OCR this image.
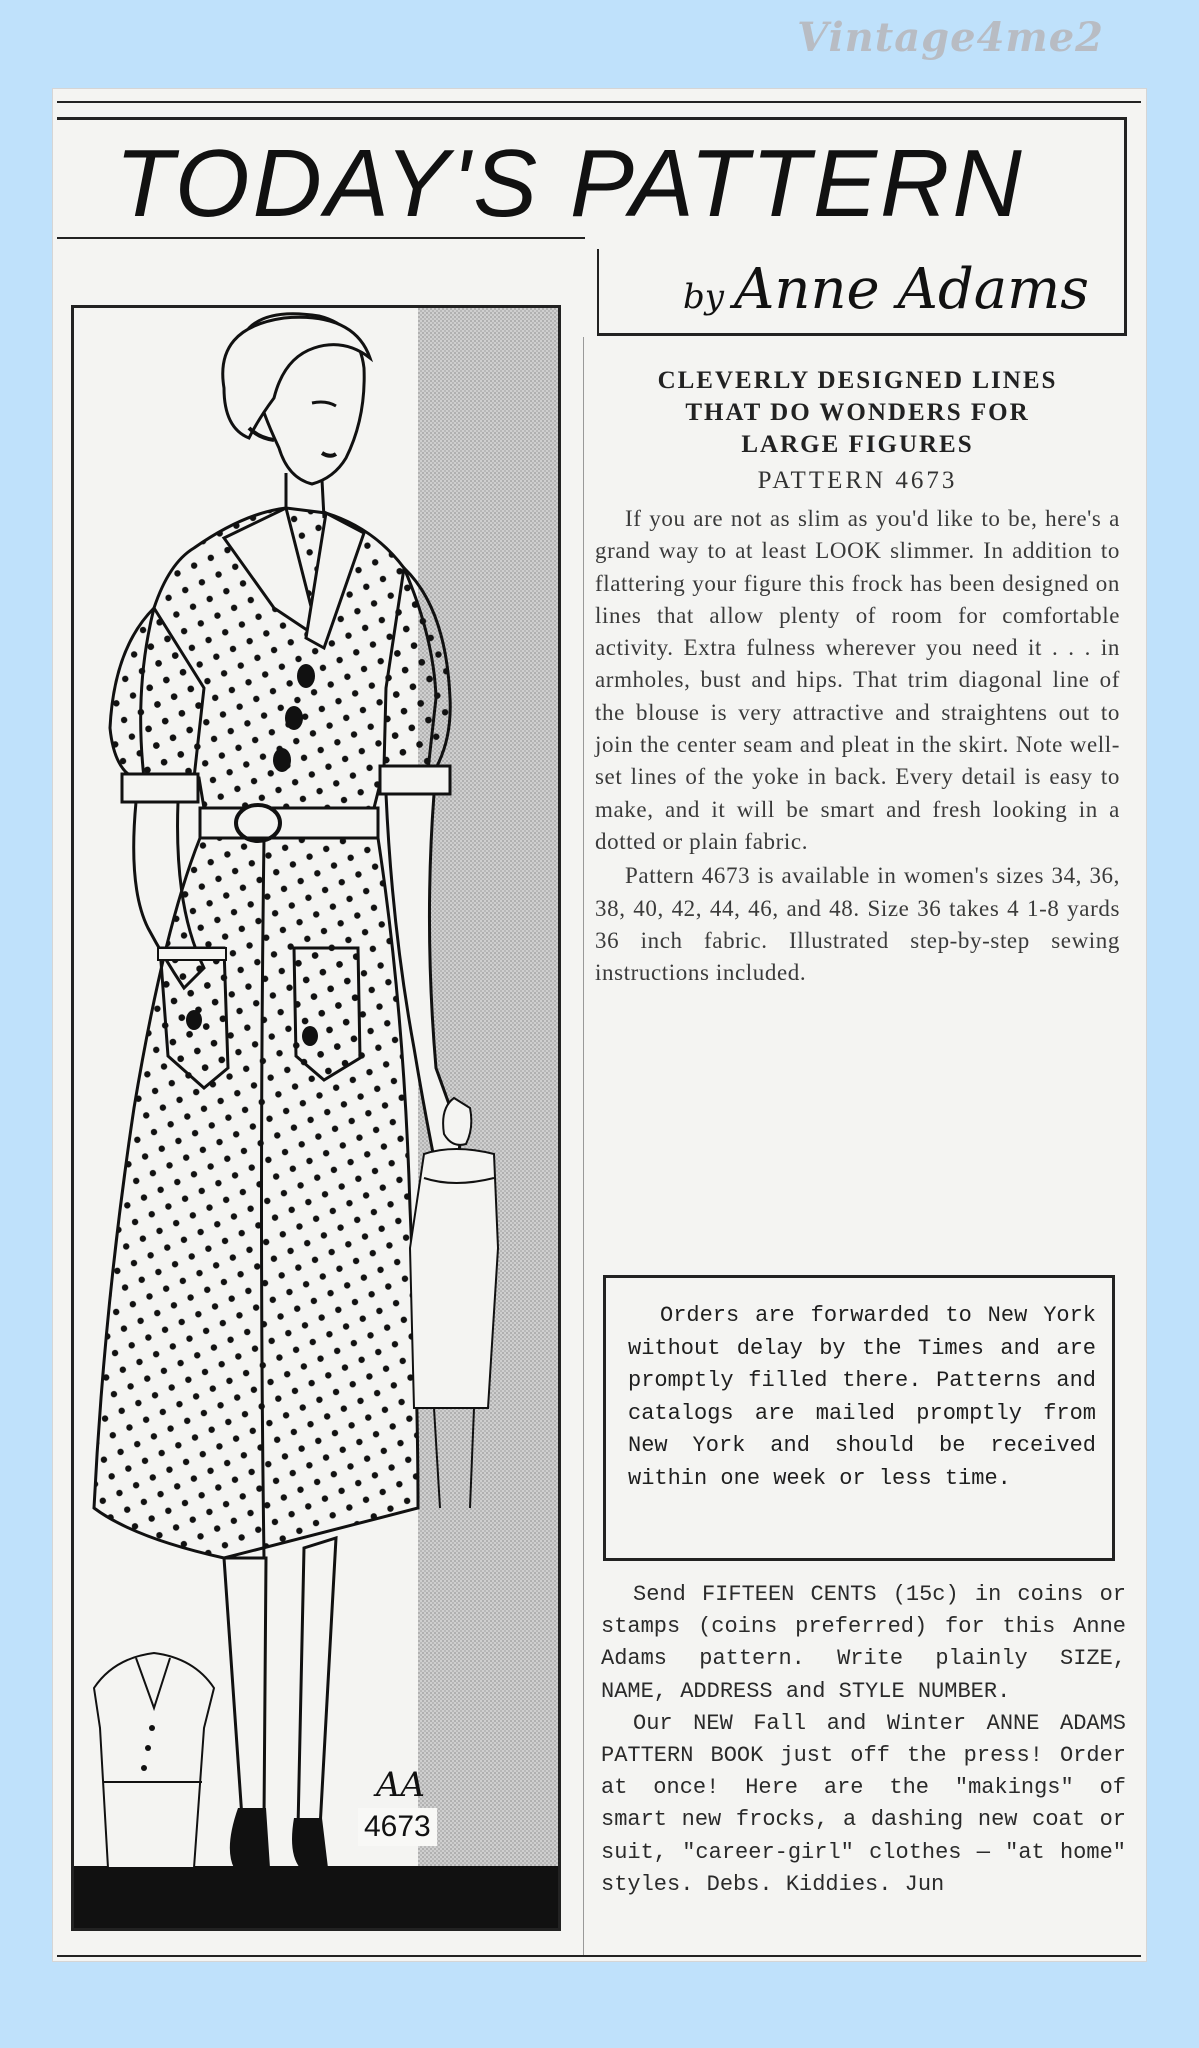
Vintage4me2
TODAY'S PATTERN
by Anne Adams
AA
4673
CLEVERLY DESIGNED LINES
THAT DO WONDERS FOR
LARGE FIGURES
PATTERN 4673

If you are not as slim as you'd like to be, here's a grand way to at least LOOK slimmer. In addition to flattering your figure this frock has been designed on lines that allow plenty of room for comfortable activity. Extra fulness wherever you need it . . . in armholes, bust and hips. That trim diagonal line of the blouse is very attractive and straightens out to join the center seam and pleat in the skirt. Note well-set lines of the yoke in back. Every detail is easy to make, and it will be smart and fresh looking in a dotted or plain fabric.

Pattern 4673 is available in women's sizes 34, 36, 38, 40, 42, 44, 46, and 48. Size 36 takes 4 1-8 yards 36 inch fabric. Illustrated step-by-step sewing instructions included.

Orders are forwarded to New York without delay by the Times and are promptly filled there. Patterns and catalogs are mailed promptly from New York and should be received within one week or less time.

Send FIFTEEN CENTS (15c) in coins or stamps (coins preferred) for this Anne Adams pattern. Write plainly SIZE, NAME, ADDRESS and STYLE NUMBER.

Our NEW Fall and Winter ANNE ADAMS PATTERN BOOK just off the press! Order at once! Here are the "makings" of smart new frocks, a dashing new coat or suit, "career-girl" clothes — "at home" styles. Debs. Kiddies. Jun
